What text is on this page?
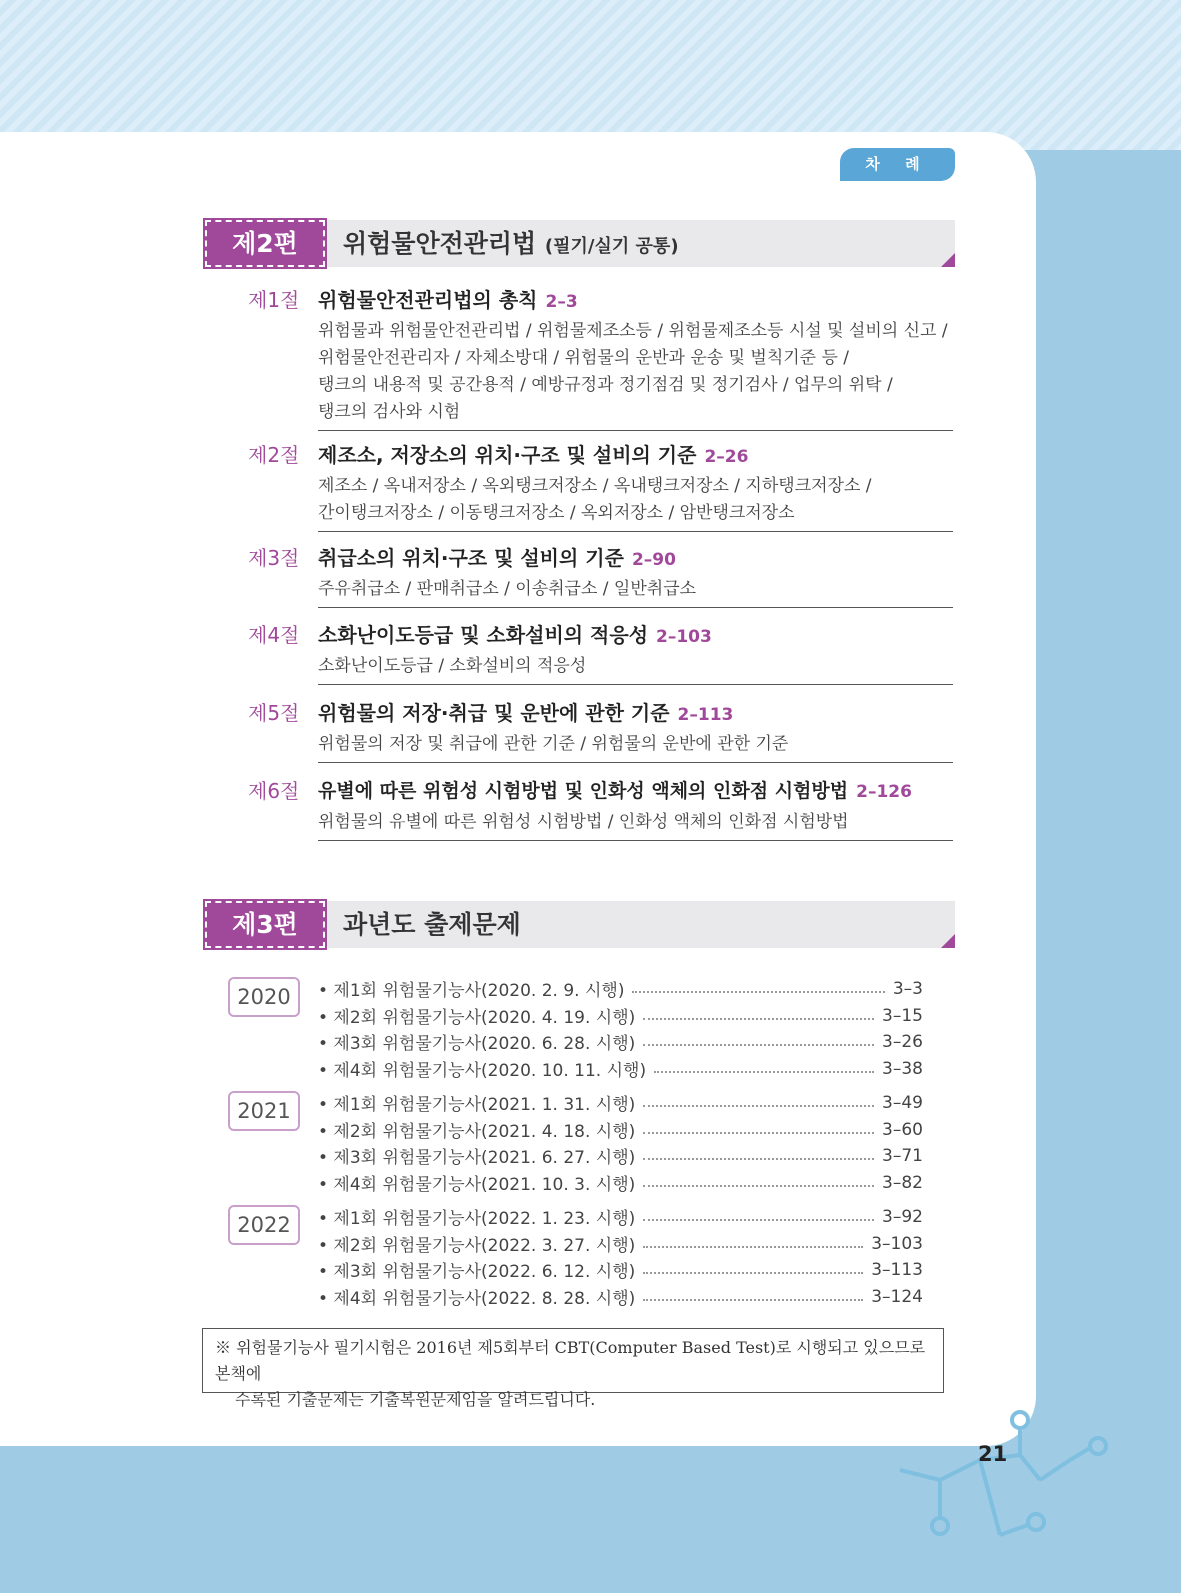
차 례
제2편	위험물안전관리법 (필기/실기 공통)
제1절 위험물안전관리법의 총칙 2–3
위험물과 위험물안전관리법 / 위험물제조소등 / 위험물제조소등 시설 및 설비의 신고 /
위험물안전관리자 / 자체소방대 / 위험물의 운반과 운송 및 벌칙기준 등 /
탱크의 내용적 및 공간용적 / 예방규정과 정기점검 및 정기검사 / 업무의 위탁 /
탱크의 검사와 시험
제2절 제조소, 저장소의 위치·구조 및 설비의 기준 2–26
제조소 / 옥내저장소 / 옥외탱크저장소 / 옥내탱크저장소 / 지하탱크저장소 /
간이탱크저장소 / 이동탱크저장소 / 옥외저장소 / 암반탱크저장소
제3절 취급소의 위치·구조 및 설비의 기준 2–90
주유취급소 / 판매취급소 / 이송취급소 / 일반취급소
제4절 소화난이도등급 및 소화설비의 적응성 2–103
소화난이도등급 / 소화설비의 적응성
제5절 위험물의 저장·취급 및 운반에 관한 기준 2–113
위험물의 저장 및 취급에 관한 기준 / 위험물의 운반에 관한 기준
제6절 유별에 따른 위험성 시험방법 및 인화성 액체의 인화점 시험방법 2–126
위험물의 유별에 따른 위험성 시험방법 / 인화성 액체의 인화점 시험방법
제3편	과년도 출제문제
2020
2021
2022
• 제1회 위험물기능사(2020. 2. 9. 시행)	3–3
• 제2회 위험물기능사(2020. 4. 19. 시행)	3–15
• 제3회 위험물기능사(2020. 6. 28. 시행)	3–26
• 제4회 위험물기능사(2020. 10. 11. 시행)	3–38
• 제1회 위험물기능사(2021. 1. 31. 시행)	3–49
• 제2회 위험물기능사(2021. 4. 18. 시행)	3–60
• 제3회 위험물기능사(2021. 6. 27. 시행)	3–71
• 제4회 위험물기능사(2021. 10. 3. 시행)	3–82
• 제1회 위험물기능사(2022. 1. 23. 시행)	3–92
• 제2회 위험물기능사(2022. 3. 27. 시행)	3–103
• 제3회 위험물기능사(2022. 6. 12. 시행)	3–113
• 제4회 위험물기능사(2022. 8. 28. 시행)	3–124
※ 위험물기능사 필기시험은 2016년 제5회부터 CBT(Computer Based Test)로 시행되고 있으므로 본책에
수록된 기출문제는 기출복원문제임을 알려드립니다.
21
